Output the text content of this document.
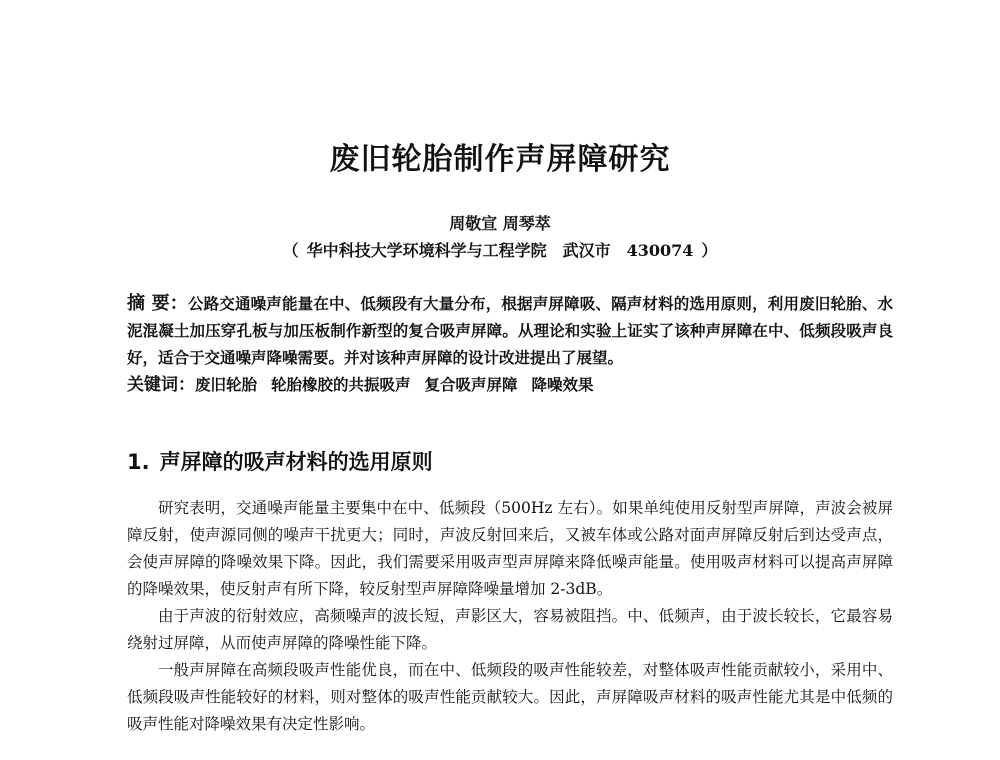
废旧轮胎制作声屏障研究

周敬宣 周琴萃

（ 华中科技大学环境科学与工程学院 武汉市 430074 ）

摘 要：公路交通噪声能量在中、低频段有大量分布，根据声屏障吸、隔声材料的选用原则，利用废旧轮胎、水泥混凝土加压穿孔板与加压板制作新型的复合吸声屏障。从理论和实验上证实了该种声屏障在中、低频段吸声良好，适合于交通噪声降噪需要。并对该种声屏障的设计改进提出了展望。

关键词：废旧轮胎 轮胎橡胶的共振吸声 复合吸声屏障 降噪效果

1. 声屏障的吸声材料的选用原则

研究表明，交通噪声能量主要集中在中、低频段（500Hz 左右）。如果单纯使用反射型声屏障，声波会被屏障反射，使声源同侧的噪声干扰更大；同时，声波反射回来后，又被车体或公路对面声屏障反射后到达受声点，会使声屏障的降噪效果下降。因此，我们需要采用吸声型声屏障来降低噪声能量。使用吸声材料可以提高声屏障的降噪效果，使反射声有所下降，较反射型声屏障降噪量增加 2-3dB。

由于声波的衍射效应，高频噪声的波长短，声影区大，容易被阻挡。中、低频声，由于波长较长，它最容易绕射过屏障，从而使声屏障的降噪性能下降。

一般声屏障在高频段吸声性能优良，而在中、低频段的吸声性能较差，对整体吸声性能贡献较小，采用中、低频段吸声性能较好的材料，则对整体的吸声性能贡献较大。因此，声屏障吸声材料的吸声性能尤其是中低频的吸声性能对降噪效果有决定性影响。
